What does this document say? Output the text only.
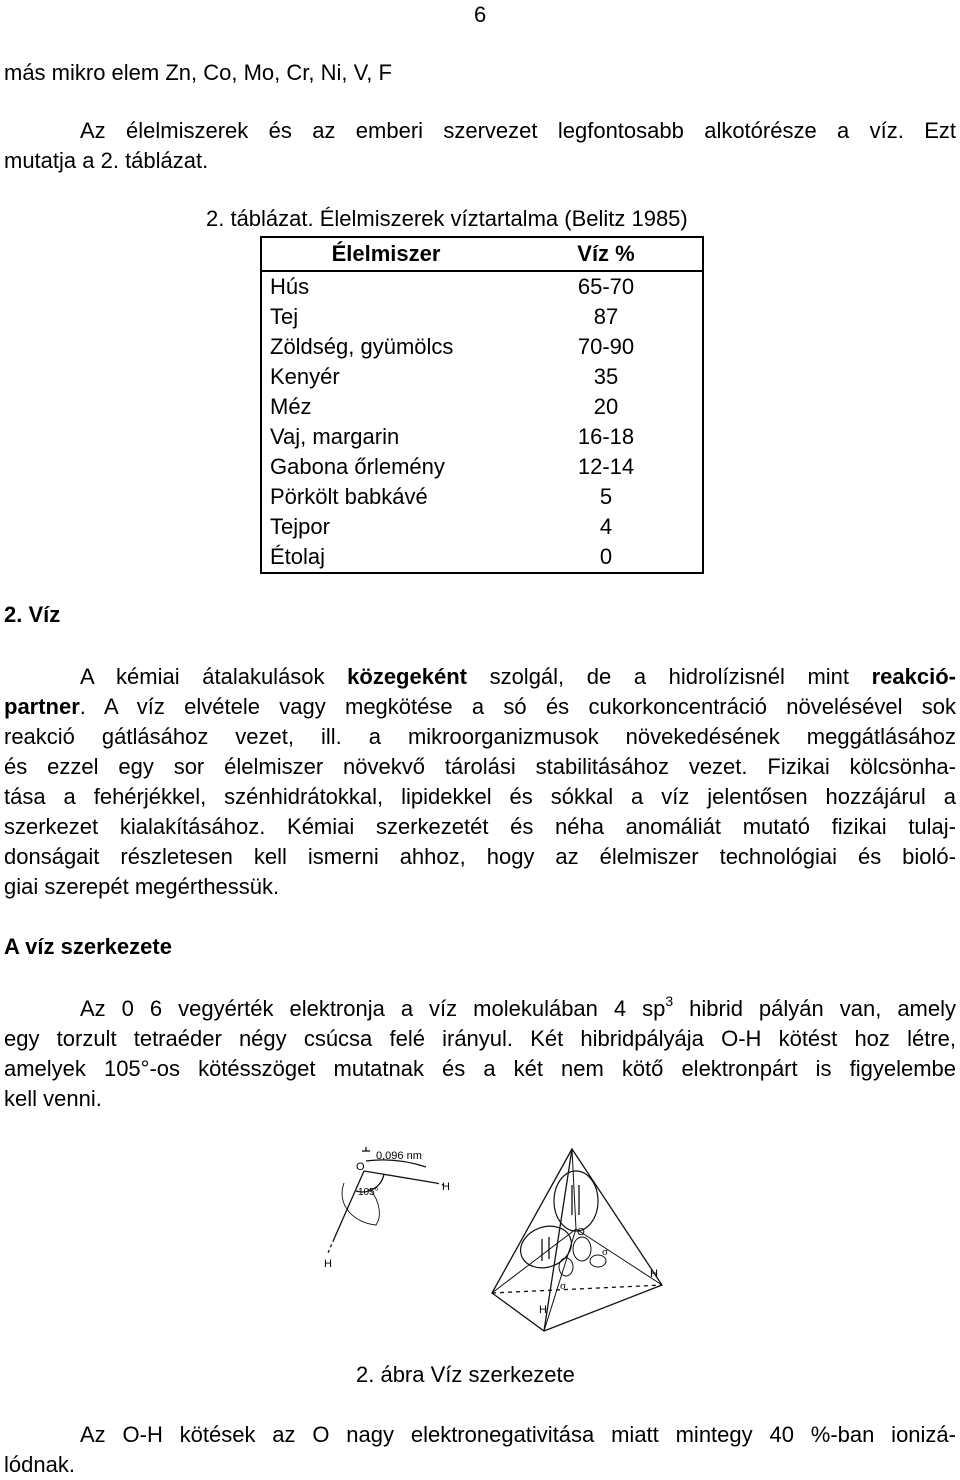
6
más mikro elem Zn, Co, Mo, Cr, Ni, V, F
Az élelmiszerek és az emberi szervezet legfontosabb alkotórésze a víz. Ezt
mutatja a 2. táblázat.
2. táblázat. Élelmiszerek víztartalma (Belitz 1985)
Élelmiszer	Víz %
Hús	65-70
Tej	87
Zöldség, gyümölcs	70-90
Kenyér	35
Méz	20
Vaj, margarin	16-18
Gabona őrlemény	12-14
Pörkölt babkávé	5
Tejpor	4
Étolaj	0
2. Víz
A kémiai átalakulások közegeként szolgál, de a hidrolízisnél mint reakció-
partner. A víz elvétele vagy megkötése a só és cukorkoncentráció növelésével sok
reakció gátlásához vezet, ill. a mikroorganizmusok növekedésének meggátlásához
és ezzel egy sor élelmiszer növekvő tárolási stabilitásához vezet. Fizikai kölcsönha-
tása a fehérjékkel, szénhidrátokkal, lipidekkel és sókkal a víz jelentősen hozzájárul a
szerkezet kialakításához. Kémiai szerkezetét és néha anomáliát mutató fizikai tulaj-
donságait részletesen kell ismerni ahhoz, hogy az élelmiszer technológiai és bioló-
giai szerepét megérthessük.
A víz szerkezete
Az 0 6 vegyérték elektronja a víz molekulában 4 $sp^3$ hibrid pályán van, amely
egy torzult tetraéder négy csúcsa felé irányul. Két hibridpályája O-H kötést hoz létre,
amelyek 105°-os kötésszöget mutatnak és a két nem kötő elektronpárt is figyelembe
kell venni.
O
0,096 nm
105°	H
H
O
H
H
σ
σ
2. ábra Víz szerkezete
Az O-H kötések az O nagy elektronegativitása miatt mintegy 40 %-ban ionizá-
lódnak.
